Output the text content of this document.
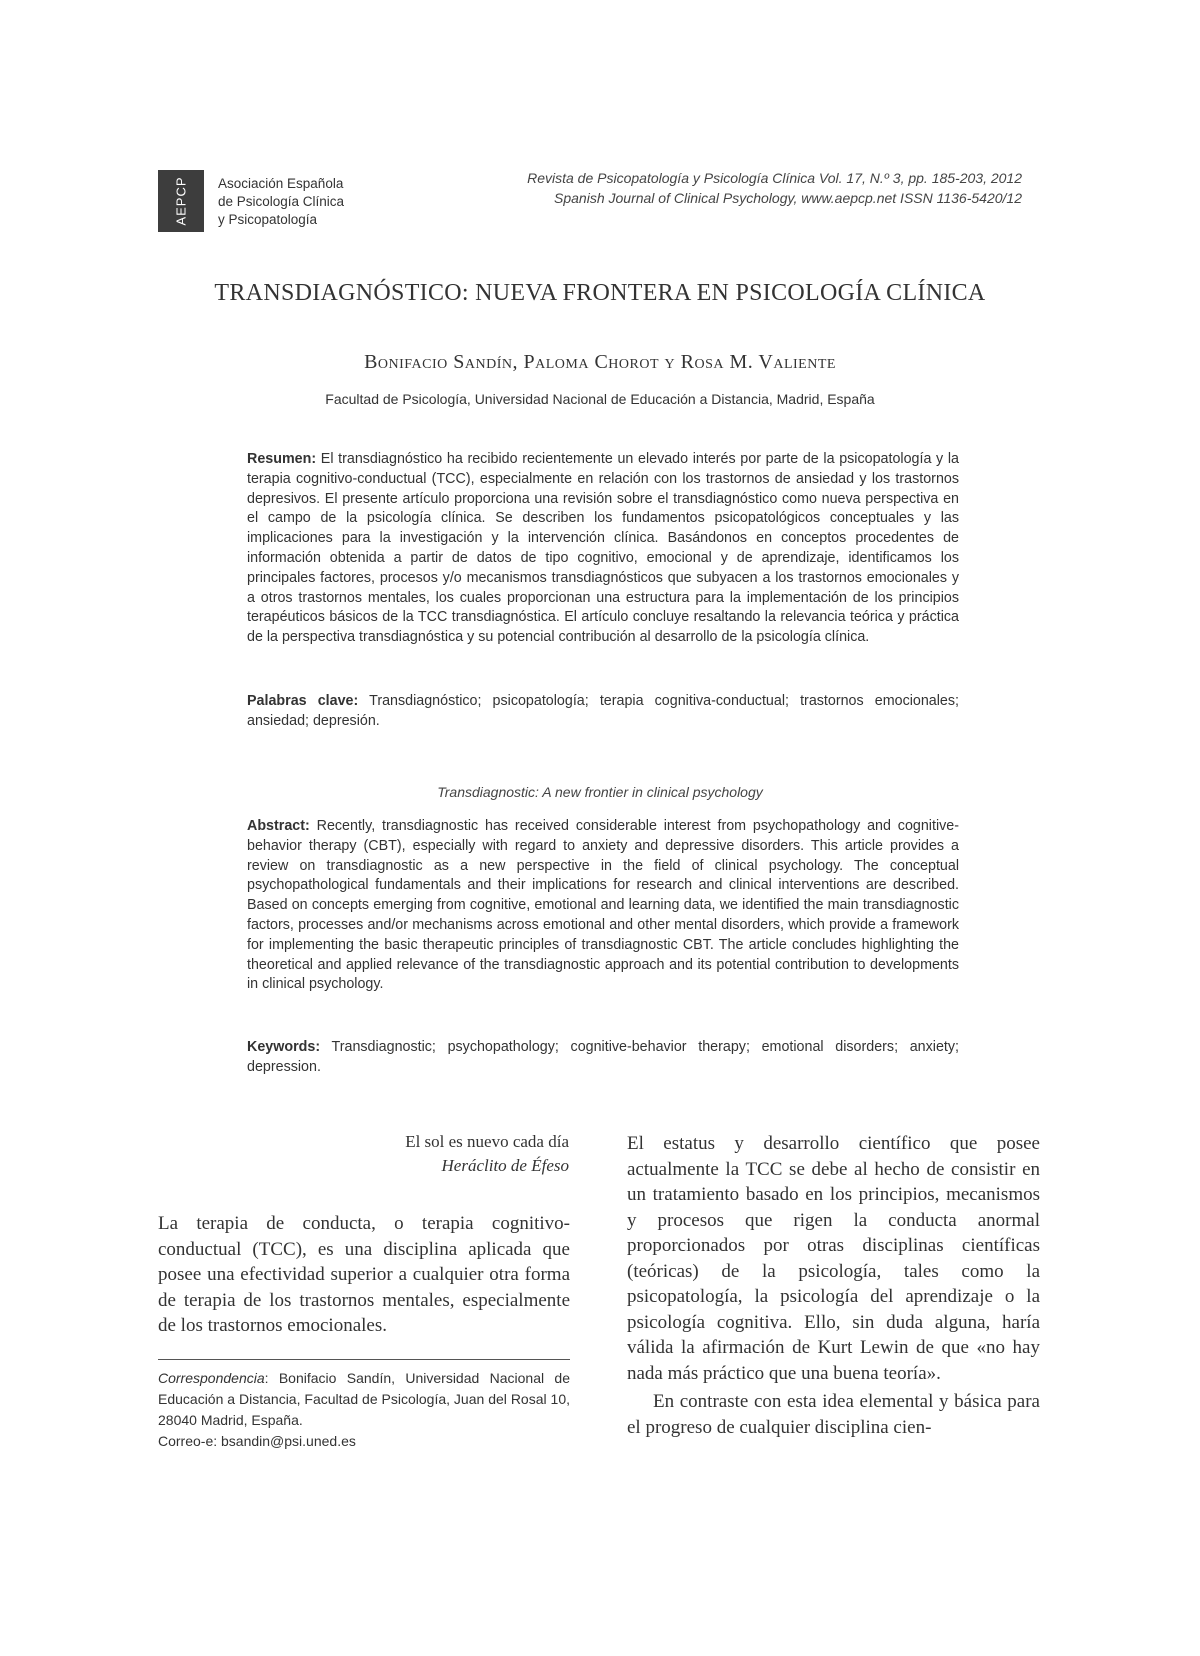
AEPCP Asociación Española
de Psicología Clínica
y Psicopatología
Revista de Psicopatología y Psicología Clínica Vol. 17, N.º 3, pp. 185-203, 2012
Spanish Journal of Clinical Psychology, www.aepcp.net ISSN 1136-5420/12
TRANSDIAGNÓSTICO: NUEVA FRONTERA EN PSICOLOGÍA CLÍNICA
Bonifacio Sandín, Paloma Chorot y Rosa M. Valiente
Facultad de Psicología, Universidad Nacional de Educación a Distancia, Madrid, España

Resumen: El transdiagnóstico ha recibido recientemente un elevado interés por parte de la psicopatología y la terapia cognitivo-conductual (TCC), especialmente en relación con los trastornos de ansiedad y los trastornos depresivos. El presente artículo proporciona una revisión sobre el transdiagnóstico como nueva perspectiva en el campo de la psicología clínica. Se describen los fundamentos psicopatológicos conceptuales y las implicaciones para la investigación y la intervención clínica. Basándonos en conceptos procedentes de información obtenida a partir de datos de tipo cognitivo, emocional y de aprendizaje, identificamos los principales factores, procesos y/o mecanismos transdiagnósticos que subyacen a los trastornos emocionales y a otros trastornos mentales, los cuales proporcionan una estructura para la implementación de los principios terapéuticos básicos de la TCC transdiagnóstica. El artículo concluye resaltando la relevancia teórica y práctica de la perspectiva transdiagnóstica y su potencial contribución al desarrollo de la psicología clínica.

Palabras clave: Transdiagnóstico; psicopatología; terapia cognitiva-conductual; trastornos emocionales; ansiedad; depresión.

Transdiagnostic: A new frontier in clinical psychology

Abstract: Recently, transdiagnostic has received considerable interest from psychopathology and cognitive-behavior therapy (CBT), especially with regard to anxiety and depressive disorders. This article provides a review on transdiagnostic as a new perspective in the field of clinical psychology. The conceptual psychopathological fundamentals and their implications for research and clinical interventions are described. Based on concepts emerging from cognitive, emotional and learning data, we identified the main transdiagnostic factors, processes and/or mechanisms across emotional and other mental disorders, which provide a framework for implementing the basic therapeutic principles of transdiagnostic CBT. The article concludes highlighting the theoretical and applied relevance of the transdiagnostic approach and its potential contribution to developments in clinical psychology.

Keywords: Transdiagnostic; psychopathology; cognitive-behavior therapy; emotional disorders; anxiety; depression.

El sol es nuevo cada día
Heráclito de Éfeso

La terapia de conducta, o terapia cognitivo-conductual (TCC), es una disciplina aplicada que posee una efectividad superior a cualquier otra forma de terapia de los trastornos mentales, especialmente de los trastornos emocionales.

El estatus y desarrollo científico que posee actualmente la TCC se debe al hecho de consistir en un tratamiento basado en los principios, mecanismos y procesos que rigen la conducta anormal proporcionados por otras disciplinas científicas (teóricas) de la psicología, tales como la psicopatología, la psicología del aprendizaje o la psicología cognitiva. Ello, sin duda alguna, haría válida la afirmación de Kurt Lewin de que «no hay nada más práctico que una buena teoría».

En contraste con esta idea elemental y básica para el progreso de cualquier disciplina cien-

Correspondencia: Bonifacio Sandín, Universidad Nacional de Educación a Distancia, Facultad de Psicología, Juan del Rosal 10, 28040 Madrid, España.
Correo-e: bsandin@psi.uned.es
